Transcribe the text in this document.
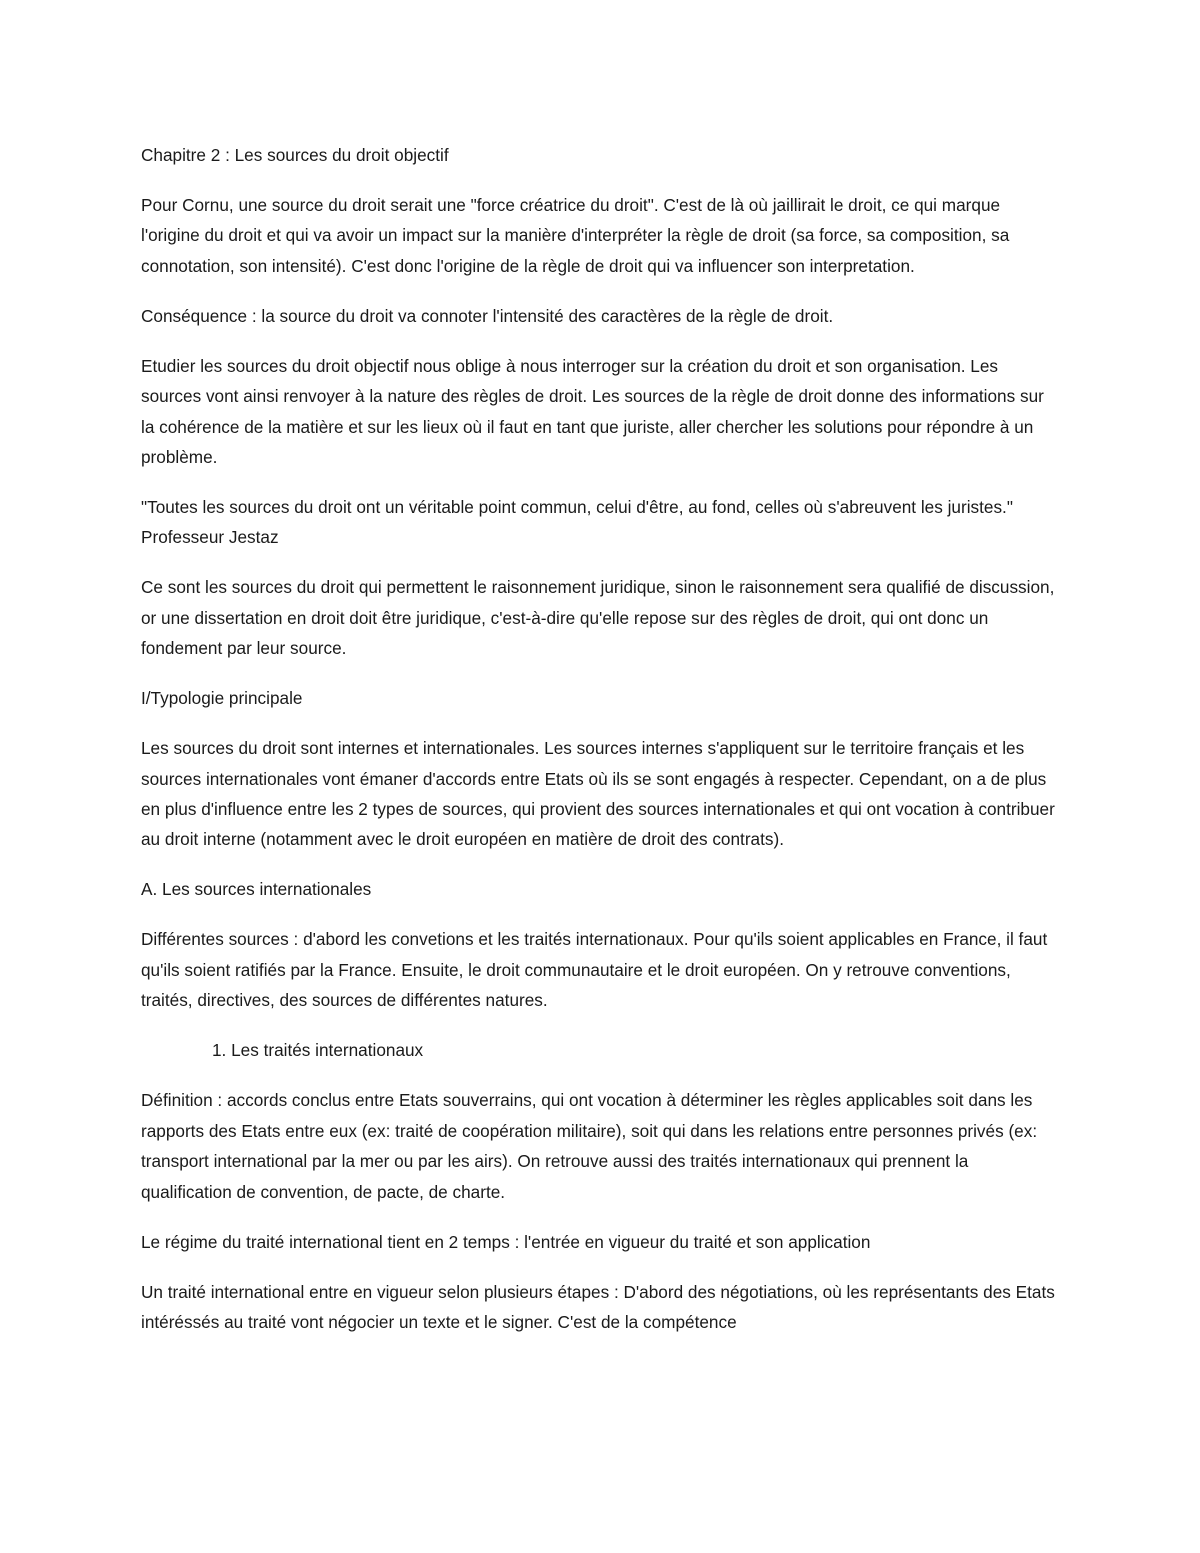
Chapitre 2 : Les sources du droit objectif

Pour Cornu, une source du droit serait une "force créatrice du droit". C'est de là où jaillirait le droit, ce qui marque l'origine du droit et qui va avoir un impact sur la manière d'interpréter la règle de droit (sa force, sa composition, sa connotation, son intensité). C'est donc l'origine de la règle de droit qui va influencer son interpretation.

Conséquence : la source du droit va connoter l'intensité des caractères de la règle de droit.

Etudier les sources du droit objectif nous oblige à nous interroger sur la création du droit et son organisation. Les sources vont ainsi renvoyer à la nature des règles de droit. Les sources de la règle de droit donne des informations sur la cohérence de la matière et sur les lieux où il faut en tant que juriste, aller chercher les solutions pour répondre à un problème.

"Toutes les sources du droit ont un véritable point commun, celui d'être, au fond, celles où s'abreuvent les juristes." Professeur Jestaz

Ce sont les sources du droit qui permettent le raisonnement juridique, sinon le raisonnement sera qualifié de discussion, or une dissertation en droit doit être juridique, c'est-à-dire qu'elle repose sur des règles de droit, qui ont donc un fondement par leur source.

I/Typologie principale

Les sources du droit sont internes et internationales. Les sources internes s'appliquent sur le territoire français et les sources internationales vont émaner d'accords entre Etats où ils se sont engagés à respecter. Cependant, on a de plus en plus d'influence entre les 2 types de sources, qui provient des sources internationales et qui ont vocation à contribuer au droit interne (notamment avec le droit européen en matière de droit des contrats).

A. Les sources internationales

Différentes sources : d'abord les convetions et les traités internationaux. Pour qu'ils soient applicables en France, il faut qu'ils soient ratifiés par la France. Ensuite, le droit communautaire et le droit européen. On y retrouve conventions, traités, directives, des sources de différentes natures.

1. Les traités internationaux

Définition : accords conclus entre Etats souverrains, qui ont vocation à déterminer les règles applicables soit dans les rapports des Etats entre eux (ex: traité de coopération militaire), soit qui dans les relations entre personnes privés (ex: transport international par la mer ou par les airs). On retrouve aussi des traités internationaux qui prennent la qualification de convention, de pacte, de charte.

Le régime du traité international tient en 2 temps : l'entrée en vigueur du traité et son application

Un traité international entre en vigueur selon plusieurs étapes : D'abord des négotiations, où les représentants des Etats intéréssés au traité vont négocier un texte et le signer. C'est de la compétence
